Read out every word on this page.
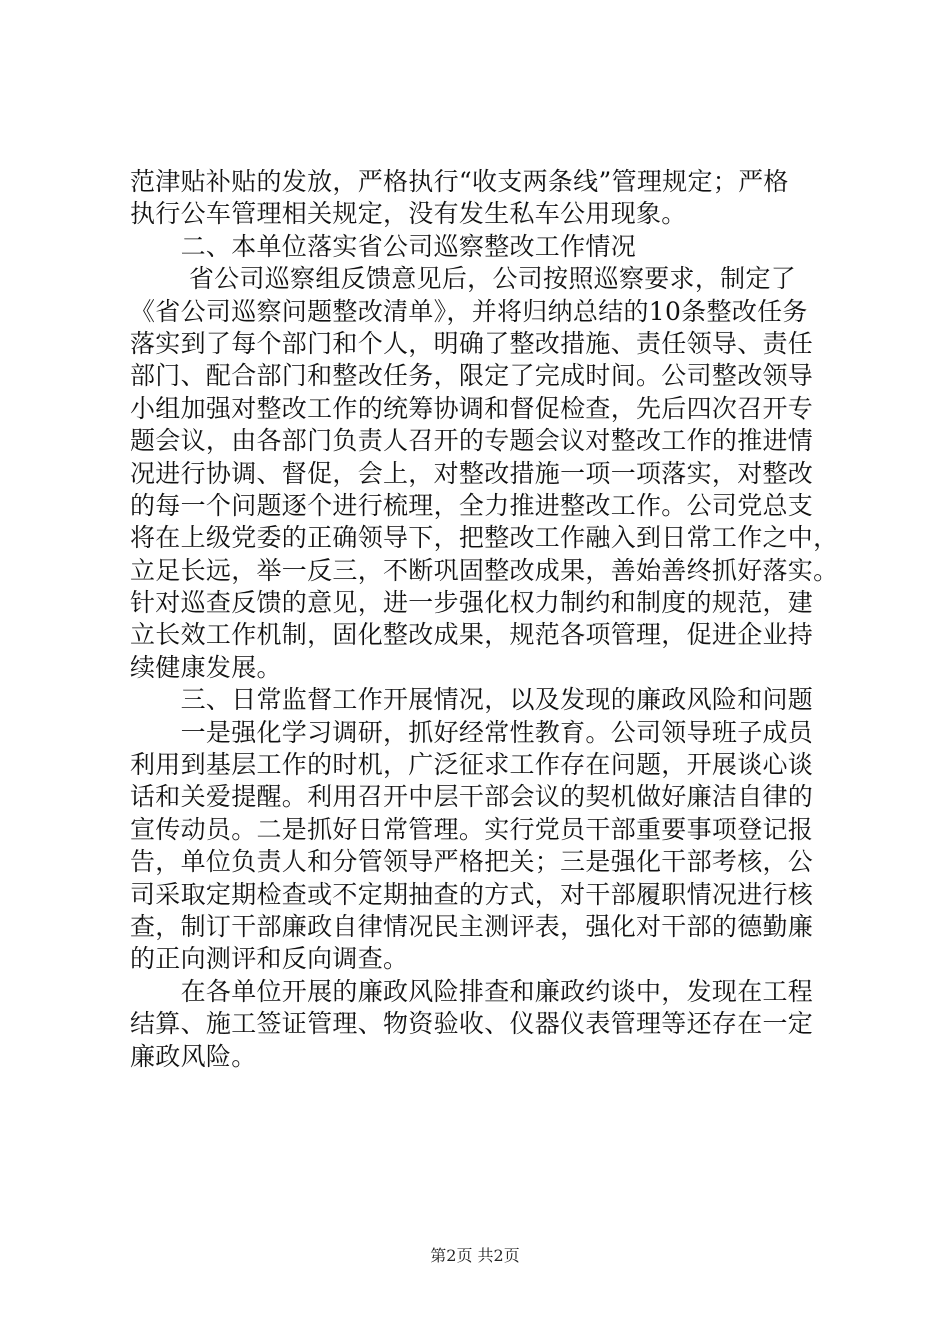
范津贴补贴的发放，严格执行“收支两条线”管理规定；严格
执行公车管理相关规定，没有发生私车公用现象。
　　二、本单位落实省公司巡察整改工作情况
　　 省公司巡察组反馈意见后，公司按照巡察要求，制定了
《省公司巡察问题整改清单》，并将归纳总结的10条整改任务
落实到了每个部门和个人，明确了整改措施、责任领导、责任
部门、配合部门和整改任务，限定了完成时间。公司整改领导
小组加强对整改工作的统筹协调和督促检查，先后四次召开专
题会议，由各部门负责人召开的专题会议对整改工作的推进情
况进行协调、督促，会上，对整改措施一项一项落实，对整改
的每一个问题逐个进行梳理，全力推进整改工作。公司党总支
将在上级党委的正确领导下，把整改工作融入到日常工作之中，
立足长远，举一反三，不断巩固整改成果，善始善终抓好落实。
针对巡查反馈的意见，进一步强化权力制约和制度的规范，建
立长效工作机制，固化整改成果，规范各项管理，促进企业持
续健康发展。
　　三、日常监督工作开展情况，以及发现的廉政风险和问题
　　一是强化学习调研，抓好经常性教育。公司领导班子成员
利用到基层工作的时机，广泛征求工作存在问题，开展谈心谈
话和关爱提醒。利用召开中层干部会议的契机做好廉洁自律的
宣传动员。二是抓好日常管理。实行党员干部重要事项登记报
告，单位负责人和分管领导严格把关；三是强化干部考核，公
司采取定期检查或不定期抽查的方式，对干部履职情况进行核
查，制订干部廉政自律情况民主测评表，强化对干部的德勤廉
的正向测评和反向调查。
　　在各单位开展的廉政风险排查和廉政约谈中，发现在工程
结算、施工签证管理、物资验收、仪器仪表管理等还存在一定
廉政风险。
第2页 共2页
